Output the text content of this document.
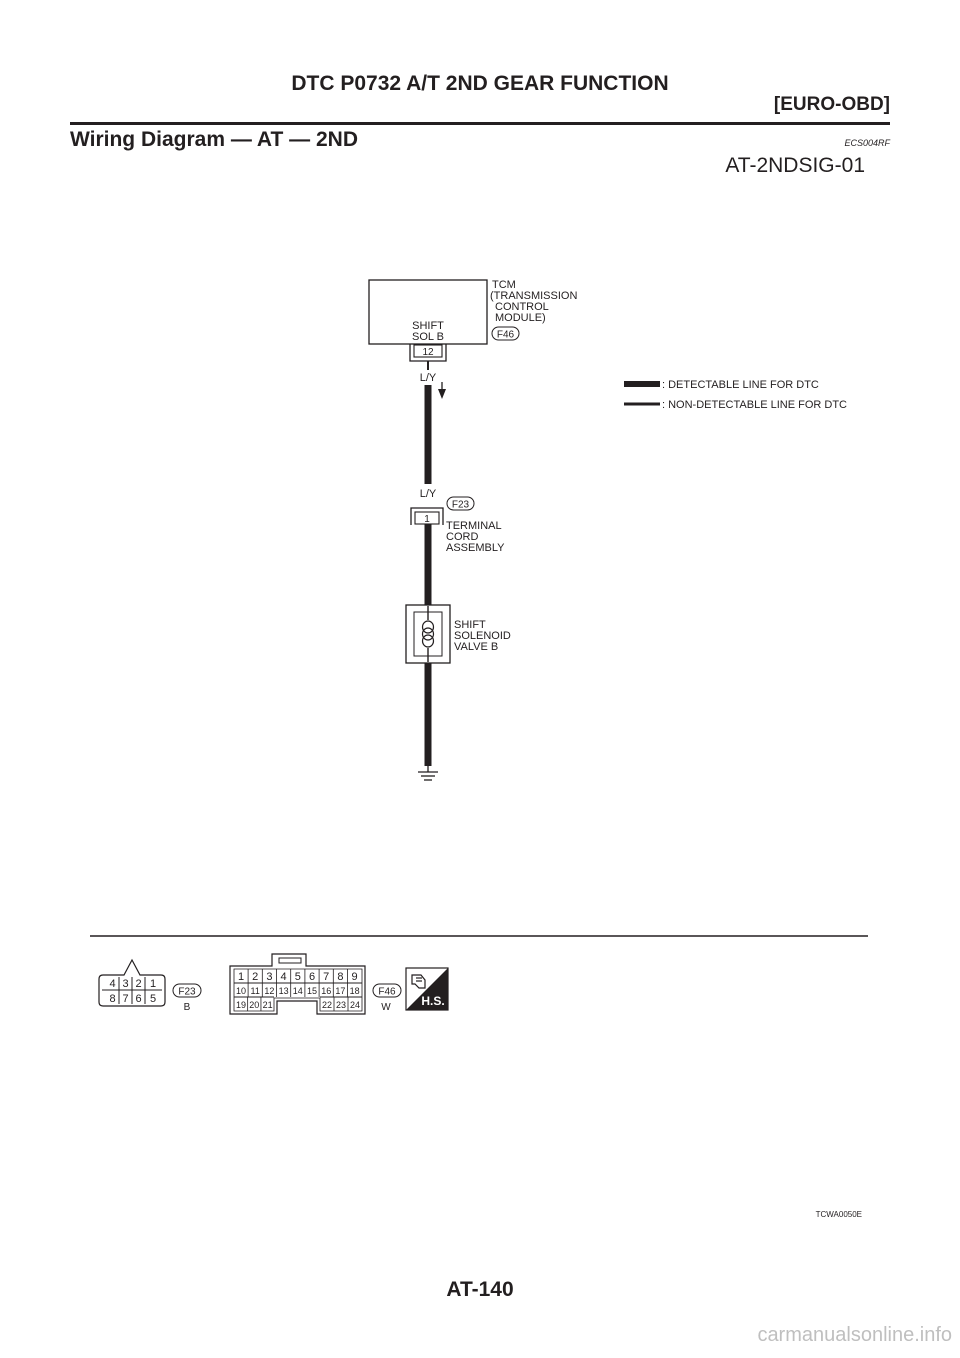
DTC P0732 A/T 2ND GEAR FUNCTION
[EURO-OBD]
Wiring Diagram — AT — 2ND	ECS004RF
AT-2NDSIG-01
TCM
(TRANSMISSION
CONTROL
MODULE)
F46
SHIFT
SOL B
12
L/Y
L/Y
F23
1
TERMINAL
CORD
ASSEMBLY
SHIFT
SOLENOID
VALVE B
: DETECTABLE LINE FOR DTC
: NON-DETECTABLE LINE FOR DTC
4 3 2 1
8 7 6 5
F23
B
1 2 3 4 5 6 7 8 9
10 11 12 13 14 15 16 17 18
19 20 21	22 23 24
F46
W	H.S.
TCWA0050E
AT-140
carmanualsonline.info
